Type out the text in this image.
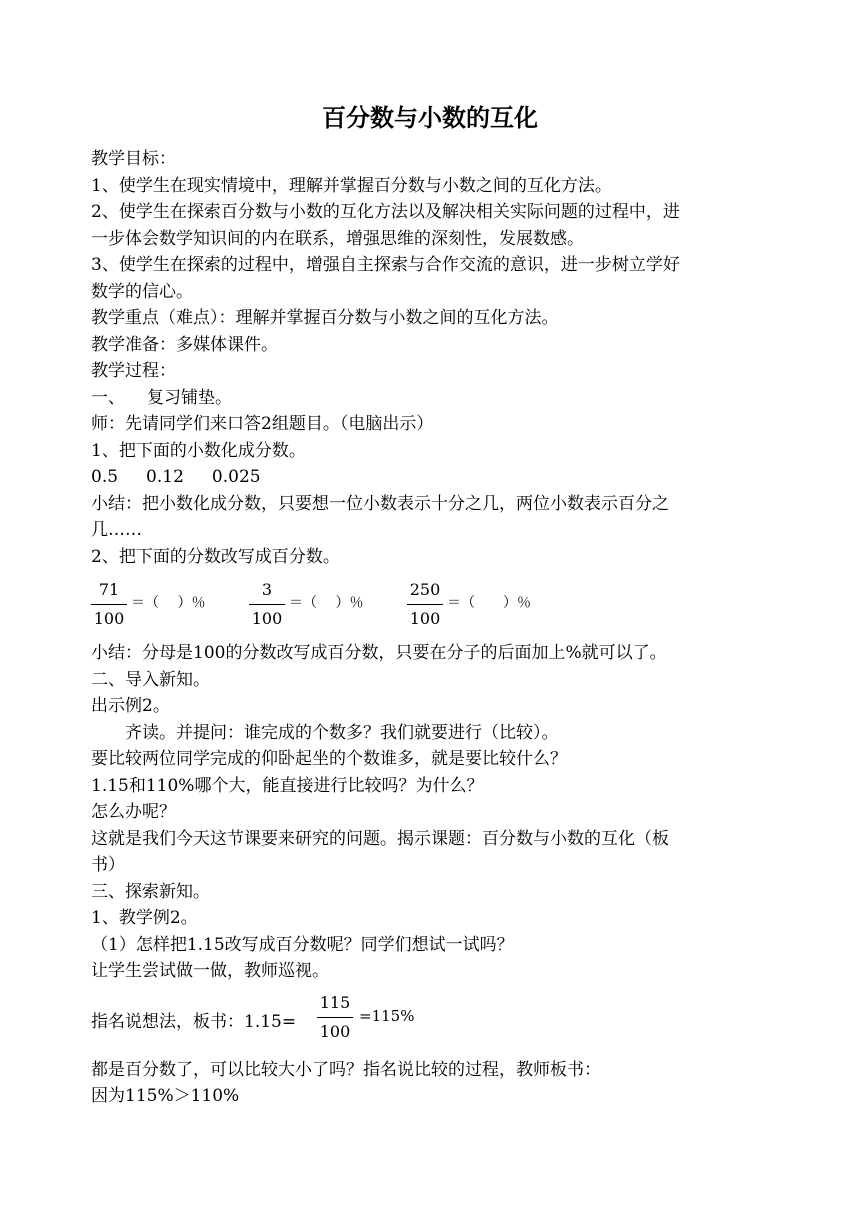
百分数与小数的互化

教学目标：

1、使学生在现实情境中，理解并掌握百分数与小数之间的互化方法。

2、使学生在探索百分数与小数的互化方法以及解决相关实际问题的过程中，进

一步体会数学知识间的内在联系，增强思维的深刻性，发展数感。

3、使学生在探索的过程中，增强自主探索与合作交流的意识，进一步树立学好

数学的信心。

教学重点（难点）：理解并掌握百分数与小数之间的互化方法。

教学准备：多媒体课件。

教学过程：

一、 复习铺垫。

师：先请同学们来口答2组题目。（电脑出示）

1、把下面的小数化成分数。

0.5 0.12 0.025

小结：把小数化成分数，只要想一位小数表示十分之几，两位小数表示百分之

几……

2、把下面的分数改写成百分数。

71
100
＝（　 ）％
3
100
＝（　 ）％
250
100
＝（　　）％

小结：分母是100的分数改写成百分数，只要在分子的后面加上%就可以了。

二、导入新知。

出示例2。

齐读。并提问：谁完成的个数多？我们就要进行（比较）。

要比较两位同学完成的仰卧起坐的个数谁多，就是要比较什么？

1.15和110%哪个大，能直接进行比较吗？为什么？

怎么办呢？

这就是我们今天这节课要来研究的问题。揭示课题：百分数与小数的互化（板

书）

三、探索新知。

1、教学例2。

（1）怎样把1.15改写成百分数呢？同学们想试一试吗？

让学生尝试做一做，教师巡视。

指名说想法，板书：1.15=
115
100
=115%

都是百分数了，可以比较大小了吗？指名说比较的过程，教师板书：

因为115%＞110%
